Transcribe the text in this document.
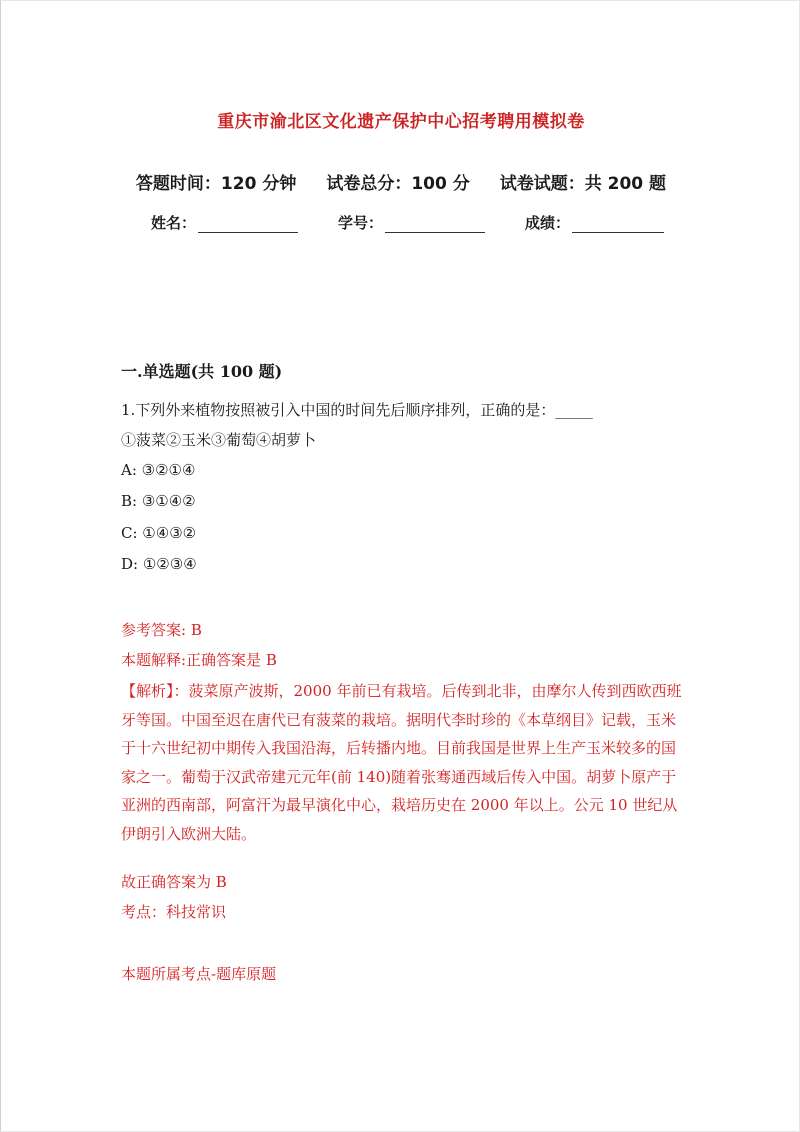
重庆市渝北区文化遗产保护中心招考聘用模拟卷
答题时间：120 分钟 试卷总分：100 分 试卷试题：共 200 题
姓名：	学号：	成绩：
一.单选题(共 100 题)
1.下列外来植物按照被引入中国的时间先后顺序排列，正确的是：_____
①菠菜②玉米③葡萄④胡萝卜
A: ③②①④
B: ③①④②
C: ①④③②
D: ①②③④
参考答案: B
本题解释:正确答案是 B
【解析】：菠菜原产波斯，2000 年前已有栽培。后传到北非，由摩尔人传到西欧西班牙等国。中国至迟在唐代已有菠菜的栽培。据明代李时珍的《本草纲目》记载，玉米于十六世纪初中期传入我国沿海，后转播内地。目前我国是世界上生产玉米较多的国家之一。葡萄于汉武帝建元元年(前 140)随着张骞通西域后传入中国。胡萝卜原产于亚洲的西南部，阿富汗为最早演化中心，栽培历史在 2000 年以上。公元 10 世纪从伊朗引入欧洲大陆。
故正确答案为 B
考点：科技常识
本题所属考点-题库原题
